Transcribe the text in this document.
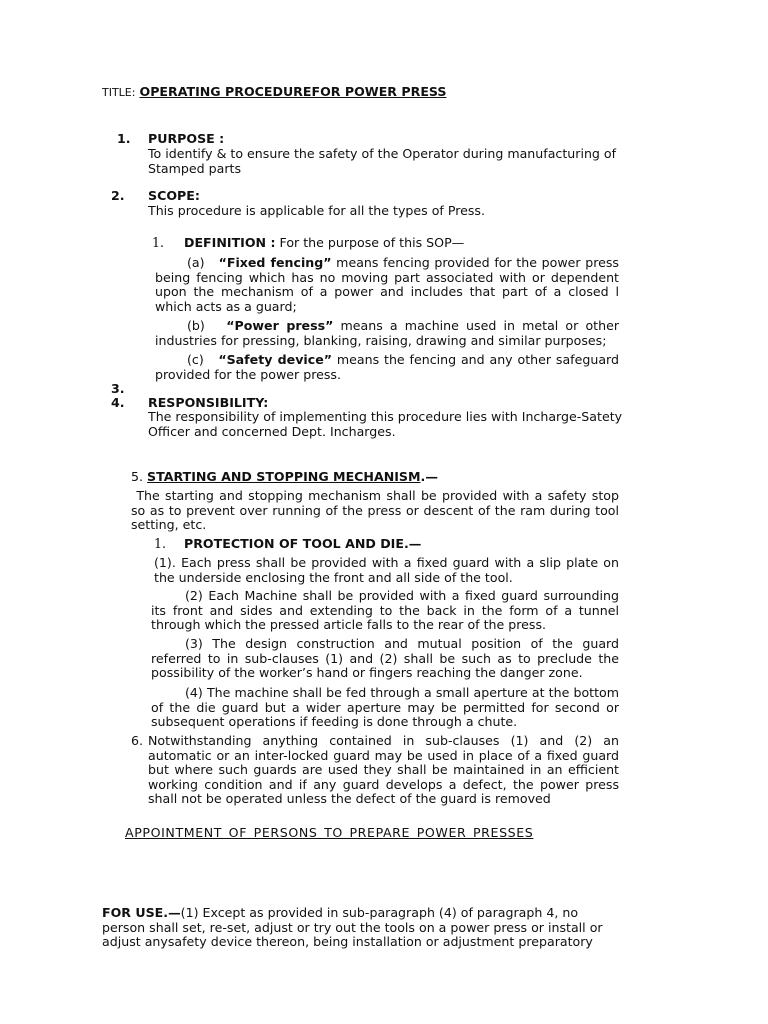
TITLE: OPERATING PROCEDUREFOR POWER PRESS
1. PURPOSE :
To identify & to ensure the safety of the Operator during manufacturing of Stamped parts
2. SCOPE:
This procedure is applicable for all the types of Press.
1. DEFINITION : For the purpose of this SOP—
(a) “Fixed fencing” means fencing provided for the power press being fencing which has no moving part associated with or dependent upon the mechanism of a power and includes that part of a closed l which acts as a guard;
(b) “Power press” means a machine used in metal or other industries for pressing, blanking, raising, drawing and similar purposes;
(c) “Safety device” means the fencing and any other safeguard provided for the power press.
3.
4. RESPONSIBILITY:
The responsibility of implementing this procedure lies with Incharge-Satety Officer and concerned Dept. Incharges.
5. STARTING AND STOPPING MECHANISM.—
The starting and stopping mechanism shall be provided with a safety stop so as to prevent over running of the press or descent of the ram during tool setting, etc.
1. PROTECTION OF TOOL AND DIE.—
(1). Each press shall be provided with a fixed guard with a slip plate on the underside enclosing the front and all side of the tool.
(2) Each Machine shall be provided with a fixed guard surrounding its front and sides and extending to the back in the form of a tunnel through which the pressed article falls to the rear of the press.
(3) The design construction and mutual position of the guard referred to in sub-clauses (1) and (2) shall be such as to preclude the possibility of the worker’s hand or fingers reaching the danger zone.
(4) The machine shall be fed through a small aperture at the bottom of the die guard but a wider aperture may be permitted for second or subsequent operations if feeding is done through a chute.
6. Notwithstanding anything contained in sub-clauses (1) and (2) an automatic or an inter-locked guard may be used in place of a fixed guard but where such guards are used they shall be maintained in an efficient working condition and if any guard develops a defect, the power press shall not be operated unless the defect of the guard is removed
APPOINTMENT OF PERSONS TO PREPARE POWER PRESSES
FOR USE.—(1) Except as provided in sub-paragraph (4) of paragraph 4, no person shall set, re-set, adjust or try out the tools on a power press or install or adjust anysafety device thereon, being installation or adjustment preparatory
